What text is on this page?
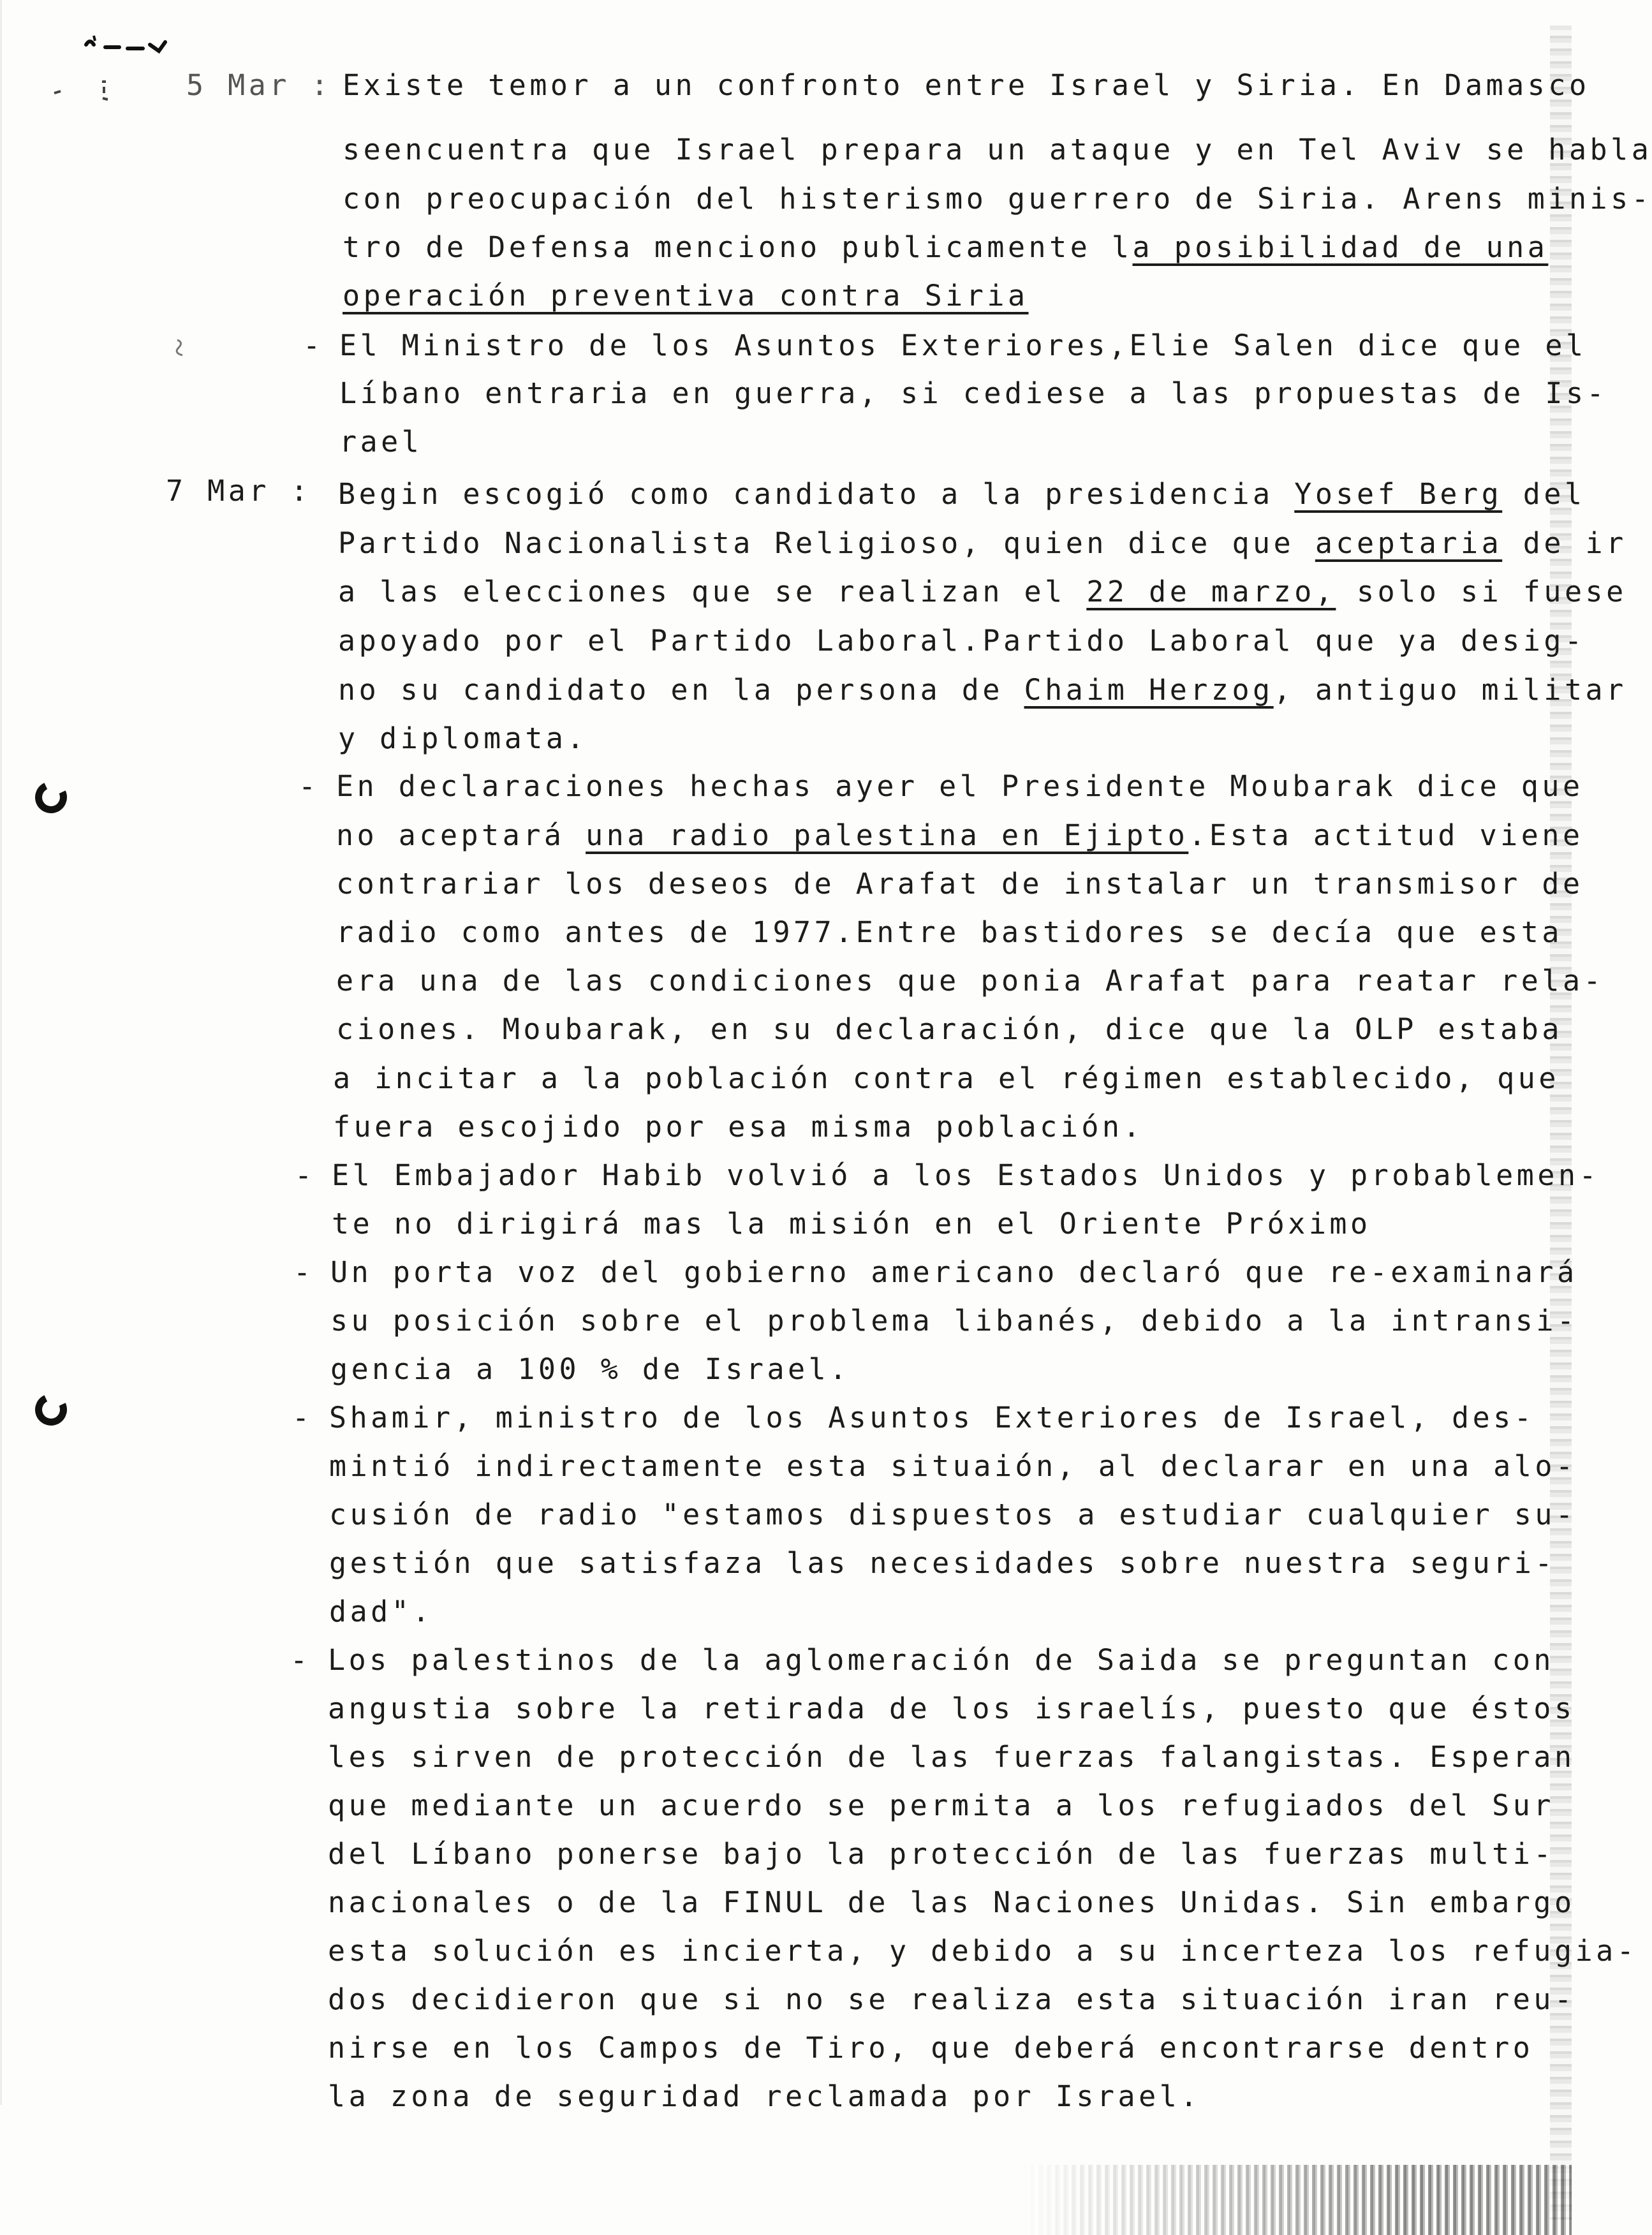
5 Mar : Existe temor a un confronto entre Israel y Siria. En Damasco
seencuentra que Israel prepara un ataque y en Tel Aviv se habla
con preocupación del histerismo guerrero de Siria. Arens minis-
tro de Defensa menciono publicamente la posibilidad de una
operación preventiva contra Siria
- El Ministro de los Asuntos Exteriores,Elie Salen dice que el
Líbano entraria en guerra, si cediese a las propuestas de Is-
rael
7 Mar : Begin escogió como candidato a la presidencia Yosef Berg del
Partido Nacionalista Religioso, quien dice que aceptaria de ir
a las elecciones que se realizan el 22 de marzo, solo si fuese
apoyado por el Partido Laboral.Partido Laboral que ya desig-
no su candidato en la persona de Chaim Herzog, antiguo militar
y diplomata.
- En declaraciones hechas ayer el Presidente Moubarak dice que
no aceptará una radio palestina en Ejipto.Esta actitud viene
contrariar los deseos de Arafat de instalar un transmisor de
radio como antes de 1977.Entre bastidores se decía que esta
era una de las condiciones que ponia Arafat para reatar rela-
ciones. Moubarak, en su declaración, dice que la OLP estaba
a incitar a la población contra el régimen establecido, que
fuera escojido por esa misma población.
- El Embajador Habib volvió a los Estados Unidos y probablemen-
te no dirigirá mas la misión en el Oriente Próximo
- Un porta voz del gobierno americano declaró que re-examinará
su posición sobre el problema libanés, debido a la intransi-
gencia a 100 % de Israel.
- Shamir, ministro de los Asuntos Exteriores de Israel, des-
mintió indirectamente esta situaión, al declarar en una alo-
cusión de radio "estamos dispuestos a estudiar cualquier su-
gestión que satisfaza las necesidades sobre nuestra seguri-
dad".
- Los palestinos de la aglomeración de Saida se preguntan con
angustia sobre la retirada de los israelís, puesto que éstos
les sirven de protección de las fuerzas falangistas. Esperan
que mediante un acuerdo se permita a los refugiados del Sur
del Líbano ponerse bajo la protección de las fuerzas multi-
nacionales o de la FINUL de las Naciones Unidas. Sin embargo
esta solución es incierta, y debido a su incerteza los refugia-
dos decidieron que si no se realiza esta situación iran reu-
nirse en los Campos de Tiro, que deberá encontrarse dentro
la zona de seguridad reclamada por Israel.
